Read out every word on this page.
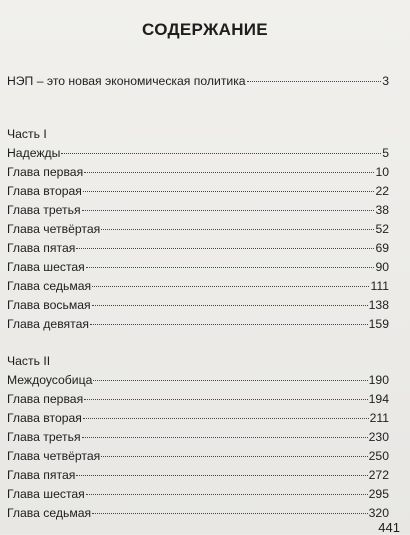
СОДЕРЖАНИЕ
НЭП – это новая экономическая политика	3
Часть I
Надежды	5
Глава первая	10
Глава вторая	22
Глава третья	38
Глава четвёртая	52
Глава пятая	69
Глава шестая	90
Глава седьмая	111
Глава восьмая	138
Глава девятая	159
Часть II
Междоусобица	190
Глава первая	194
Глава вторая	211
Глава третья	230
Глава четвёртая	250
Глава пятая	272
Глава шестая	295
Глава седьмая	320
441
